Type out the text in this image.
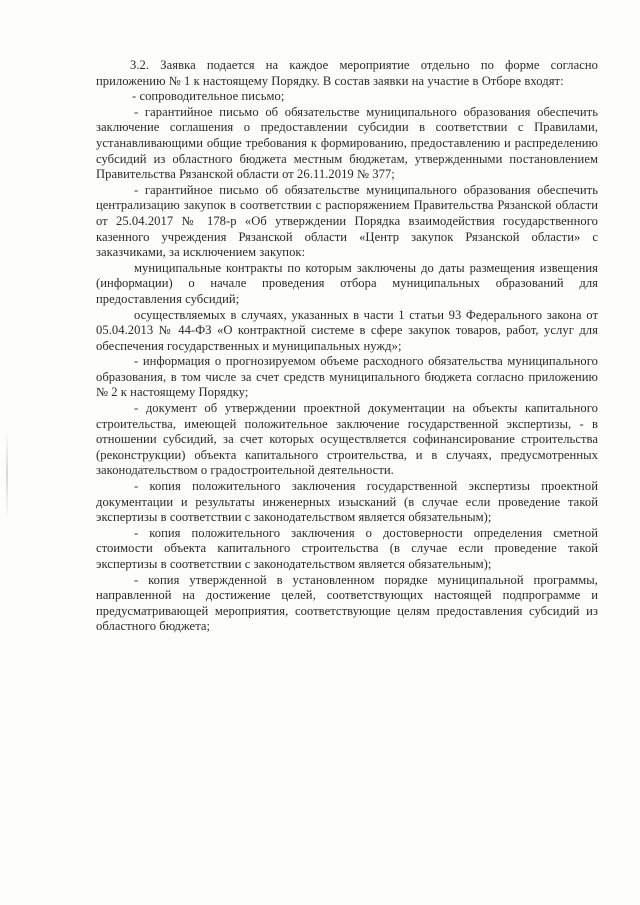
3.2. Заявка подается на каждое мероприятие отдельно по форме согласно приложению № 1 к настоящему Порядку. В состав заявки на участие в Отборе входят:

- сопроводительное письмо;

- гарантийное письмо об обязательстве муниципального образования обеспечить заключение соглашения о предоставлении субсидии в соответствии с Правилами, устанавливающими общие требования к формированию, предоставлению и распределению субсидий из областного бюджета местным бюджетам, утвержденными постановлением Правительства Рязанской области от 26.11.2019 № 377;

- гарантийное письмо об обязательстве муниципального образования обеспечить централизацию закупок в соответствии с распоряжением Правительства Рязанской области от 25.04.2017 № 178-р «Об утверждении Порядка взаимодействия государственного казенного учреждения Рязанской области «Центр закупок Рязанской области» с заказчиками, за исключением закупок:

муниципальные контракты по которым заключены до даты размещения извещения (информации) о начале проведения отбора муниципальных образований для предоставления субсидий;

осуществляемых в случаях, указанных в части 1 статьи 93 Федерального закона от 05.04.2013 № 44-ФЗ «О контрактной системе в сфере закупок товаров, работ, услуг для обеспечения государственных и муниципальных нужд»;

- информация о прогнозируемом объеме расходного обязательства муниципального образования, в том числе за счет средств муниципального бюджета согласно приложению № 2 к настоящему Порядку;

- документ об утверждении проектной документации на объекты капитального строительства, имеющей положительное заключение государственной экспертизы, - в отношении субсидий, за счет которых осуществляется софинансирование строительства (реконструкции) объекта капитального строительства, и в случаях, предусмотренных законодательством о градостроительной деятельности.

- копия положительного заключения государственной экспертизы проектной документации и результаты инженерных изысканий (в случае если проведение такой экспертизы в соответствии с законодательством является обязательным);

- копия положительного заключения о достоверности определения сметной стоимости объекта капитального строительства (в случае если проведение такой экспертизы в соответствии с законодательством является обязательным);

- копия утвержденной в установленном порядке муниципальной программы, направленной на достижение целей, соответствующих настоящей подпрограмме и предусматривающей мероприятия, соответствующие целям предоставления субсидий из областного бюджета;
